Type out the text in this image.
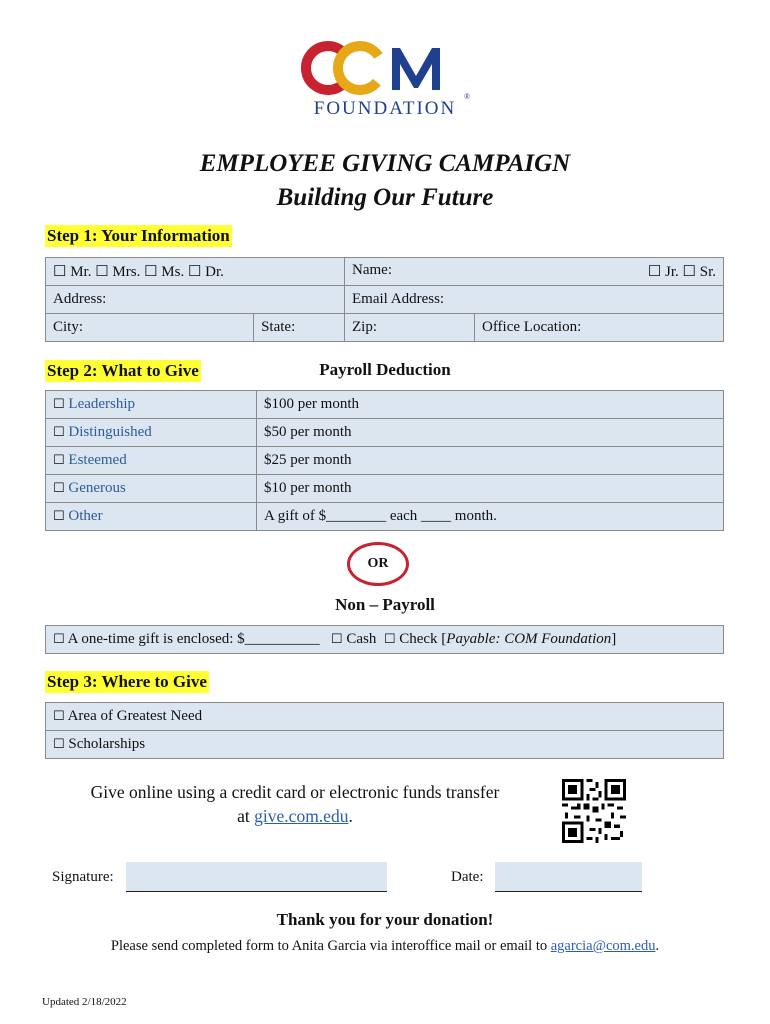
FOUNDATION
®
EMPLOYEE GIVING CAMPAIGN
Building Our Future
Step 1: Your Information
☐ Mr. ☐ Mrs. ☐ Ms. ☐ Dr.		Name: ☐ Jr. ☐ Sr.	

Address:		Email Address:	
City:	State:	Zip:	Office Location:
Step 2: What to Give	Payroll Deduction
☐ Leadership	$100 per month
☐ Distinguished	$50 per month
☐ Esteemed	$25 per month
☐ Generous	$10 per month
☐ Other	A gift of $________ each ____ month.
OR
Non – Payroll
☐ A one-time gift is enclosed: $__________ ☐ Cash ☐ Check [Payable: COM Foundation]
Step 3: Where to Give
☐ Area of Greatest Need
☐ Scholarships
Give online using a credit card or electronic funds transfer
at give.com.edu.
Signature:	Date:
Thank you for your donation!
Please send completed form to Anita Garcia via interoffice mail or email to agarcia@com.edu.
Updated 2/18/2022
